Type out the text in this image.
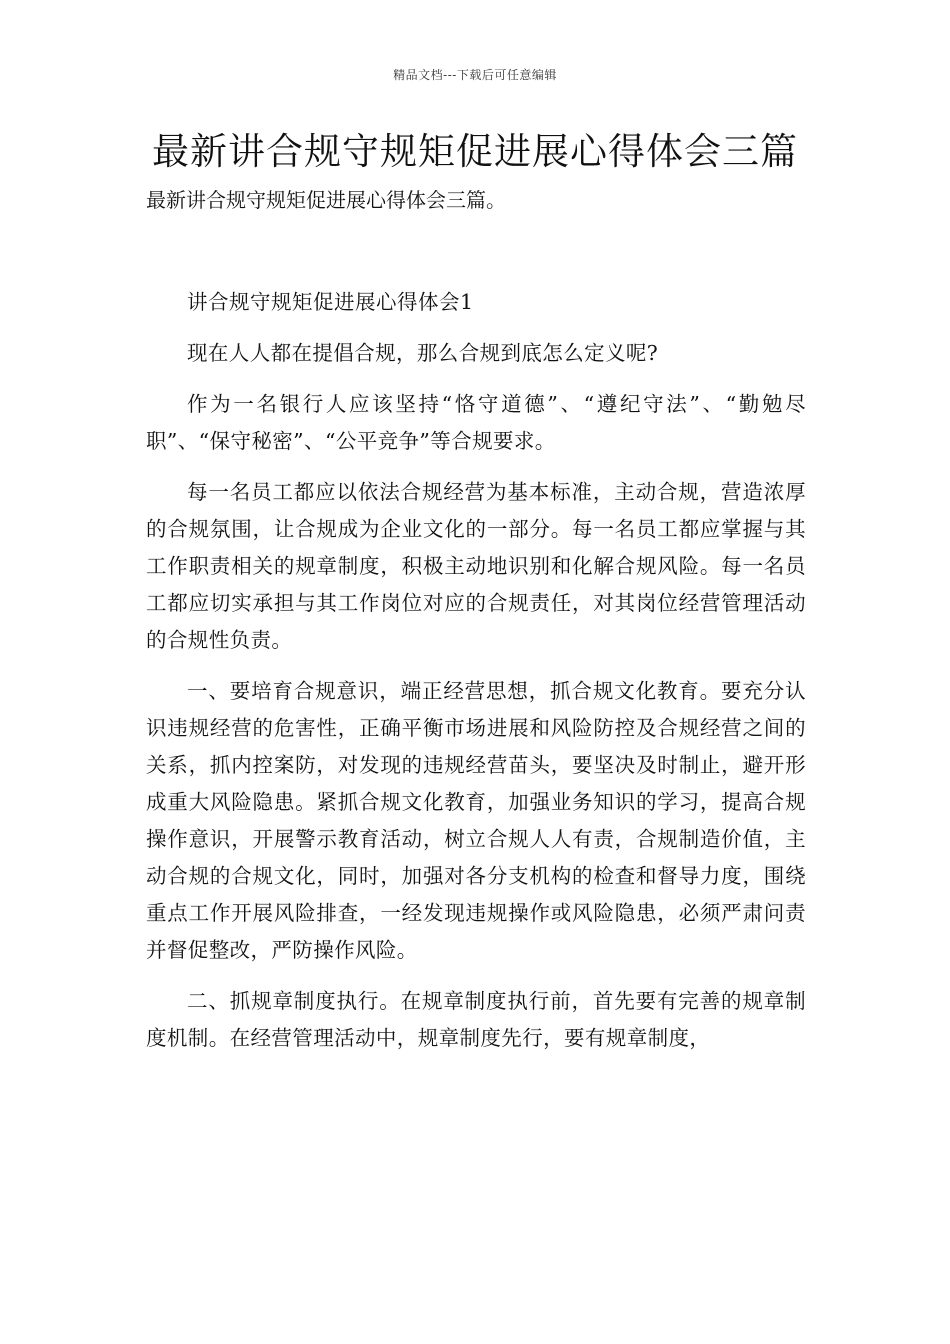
精品文档---下载后可任意编辑
最新讲合规守规矩促进展心得体会三篇
最新讲合规守规矩促进展心得体会三篇。

讲合规守规矩促进展心得体会1

现在人人都在提倡合规，那么合规到底怎么定义呢?

作为一名银行人应该坚持“恪守道德”、“遵纪守法”、“勤勉尽职”、“保守秘密”、“公平竞争”等合规要求。

每一名员工都应以依法合规经营为基本标准，主动合规，营造浓厚的合规氛围，让合规成为企业文化的一部分。每一名员工都应掌握与其工作职责相关的规章制度，积极主动地识别和化解合规风险。每一名员工都应切实承担与其工作岗位对应的合规责任，对其岗位经营管理活动的合规性负责。

一、要培育合规意识，端正经营思想，抓合规文化教育。要充分认识违规经营的危害性，正确平衡市场进展和风险防控及合规经营之间的关系，抓内控案防，对发现的违规经营苗头，要坚决及时制止，避开形成重大风险隐患。紧抓合规文化教育，加强业务知识的学习，提高合规操作意识，开展警示教育活动，树立合规人人有责，合规制造价值，主动合规的合规文化，同时，加强对各分支机构的检查和督导力度，围绕重点工作开展风险排查，一经发现违规操作或风险隐患，必须严肃问责并督促整改，严防操作风险。

二、抓规章制度执行。在规章制度执行前，首先要有完善的规章制度机制。在经营管理活动中，规章制度先行，要有规章制度，
